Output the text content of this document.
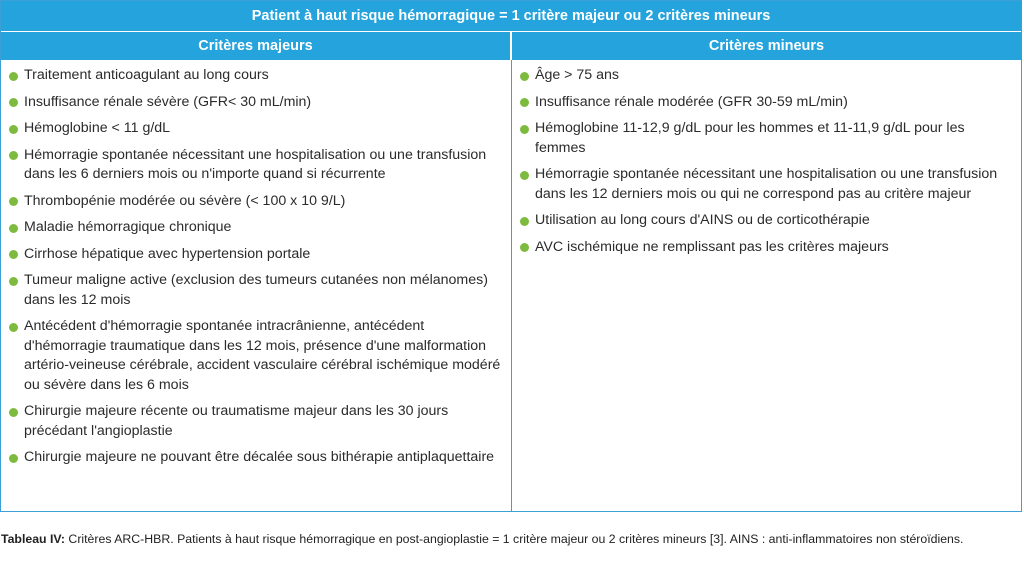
Patient à haut risque hémorragique = 1 critère majeur ou 2 critères mineurs
Critères majeurs	Critères mineurs
Traitement anticoagulant au long cours
Insuffisance rénale sévère (GFR< 30 mL/min)
Hémoglobine < 11 g/dL
Hémorragie spontanée nécessitant une hospitalisation ou une transfusion dans les 6 derniers mois ou n'importe quand si récurrente
Thrombopénie modérée ou sévère (< 100 x 10 9/L)
Maladie hémorragique chronique
Cirrhose hépatique avec hypertension portale
Tumeur maligne active (exclusion des tumeurs cutanées non mélanomes) dans les 12 mois
Antécédent d'hémorragie spontanée intracrânienne, antécédent d'hémorragie traumatique dans les 12 mois, présence d'une malformation artério-veineuse cérébrale, accident vasculaire cérébral ischémique modéré ou sévère dans les 6 mois
Chirurgie majeure récente ou traumatisme majeur dans les 30 jours précédant l'angioplastie
Chirurgie majeure ne pouvant être décalée sous bithérapie antiplaquettaire
Âge > 75 ans
Insuffisance rénale modérée (GFR 30-59 mL/min)
Hémoglobine 11-12,9 g/dL pour les hommes et 11-11,9 g/dL pour les femmes
Hémorragie spontanée nécessitant une hospitalisation ou une transfusion dans les 12 derniers mois ou qui ne correspond pas au critère majeur
Utilisation au long cours d'AINS ou de corticothérapie
AVC ischémique ne remplissant pas les critères majeurs
Tableau IV: Critères ARC-HBR. Patients à haut risque hémorragique en post-angioplastie = 1 critère majeur ou 2 critères mineurs [3]. AINS : anti-inflammatoires non stéroïdiens.
